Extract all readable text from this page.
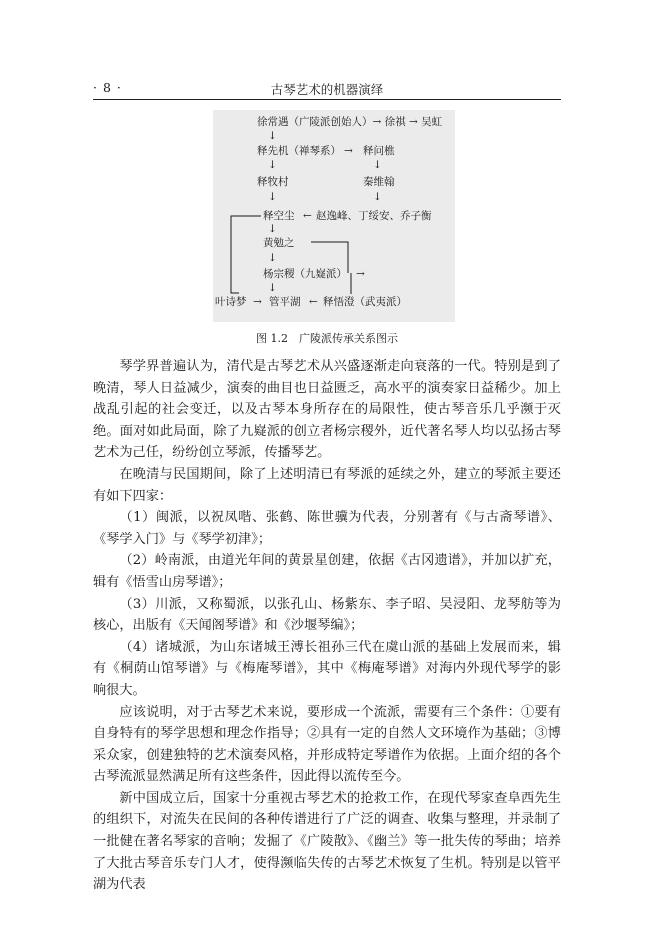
· 8 ·	古琴艺术的机器演绎
徐常遇（广陵派创始人）→ 徐祺 → 吴虹
↓
释先机（禅琴系） → 释问樵
↓	↓
释牧村	秦维翰
↓	↓
释空尘 ← 赵逸峰、丁绥安、乔子衡
↓
黄勉之
↓
杨宗稷（九嶷派） →
↓
叶诗梦 → 管平湖 ← 释悟澄（武夷派）
图 1.2　广陵派传承关系图示

琴学界普遍认为，清代是古琴艺术从兴盛逐渐走向衰落的一代。特别是到了晚清，琴人日益减少，演奏的曲目也日益匮乏，高水平的演奏家日益稀少。加上战乱引起的社会变迁，以及古琴本身所存在的局限性，使古琴音乐几乎濒于灭绝。面对如此局面，除了九嶷派的创立者杨宗稷外，近代著名琴人均以弘扬古琴艺术为己任，纷纷创立琴派，传播琴艺。

在晚清与民国期间，除了上述明清已有琴派的延续之外，建立的琴派主要还有如下四家：

（1）闽派，以祝凤喈、张鹤、陈世骥为代表，分别著有《与古斋琴谱》、《琴学入门》与《琴学初津》；

（2）岭南派，由道光年间的黄景星创建，依据《古冈遗谱》，并加以扩充，辑有《悟雪山房琴谱》；

（3）川派，又称蜀派，以张孔山、杨紫东、李子昭、吴浸阳、龙琴舫等为核心，出版有《天闻阁琴谱》和《沙堰琴编》；

（4）诸城派，为山东诸城王溥长祖孙三代在虞山派的基础上发展而来，辑有《桐荫山馆琴谱》与《梅庵琴谱》，其中《梅庵琴谱》对海内外现代琴学的影响很大。

应该说明，对于古琴艺术来说，要形成一个流派，需要有三个条件：①要有自身特有的琴学思想和理念作指导；②具有一定的自然人文环境作为基础；③博采众家，创建独特的艺术演奏风格，并形成特定琴谱作为依据。上面介绍的各个古琴流派显然满足所有这些条件，因此得以流传至今。

新中国成立后，国家十分重视古琴艺术的抢救工作，在现代琴家查阜西先生的组织下，对流失在民间的各种传谱进行了广泛的调查、收集与整理，并录制了一批健在著名琴家的音响；发掘了《广陵散》、《幽兰》等一批失传的琴曲；培养了大批古琴音乐专门人才，使得濒临失传的古琴艺术恢复了生机。特别是以管平湖为代表
